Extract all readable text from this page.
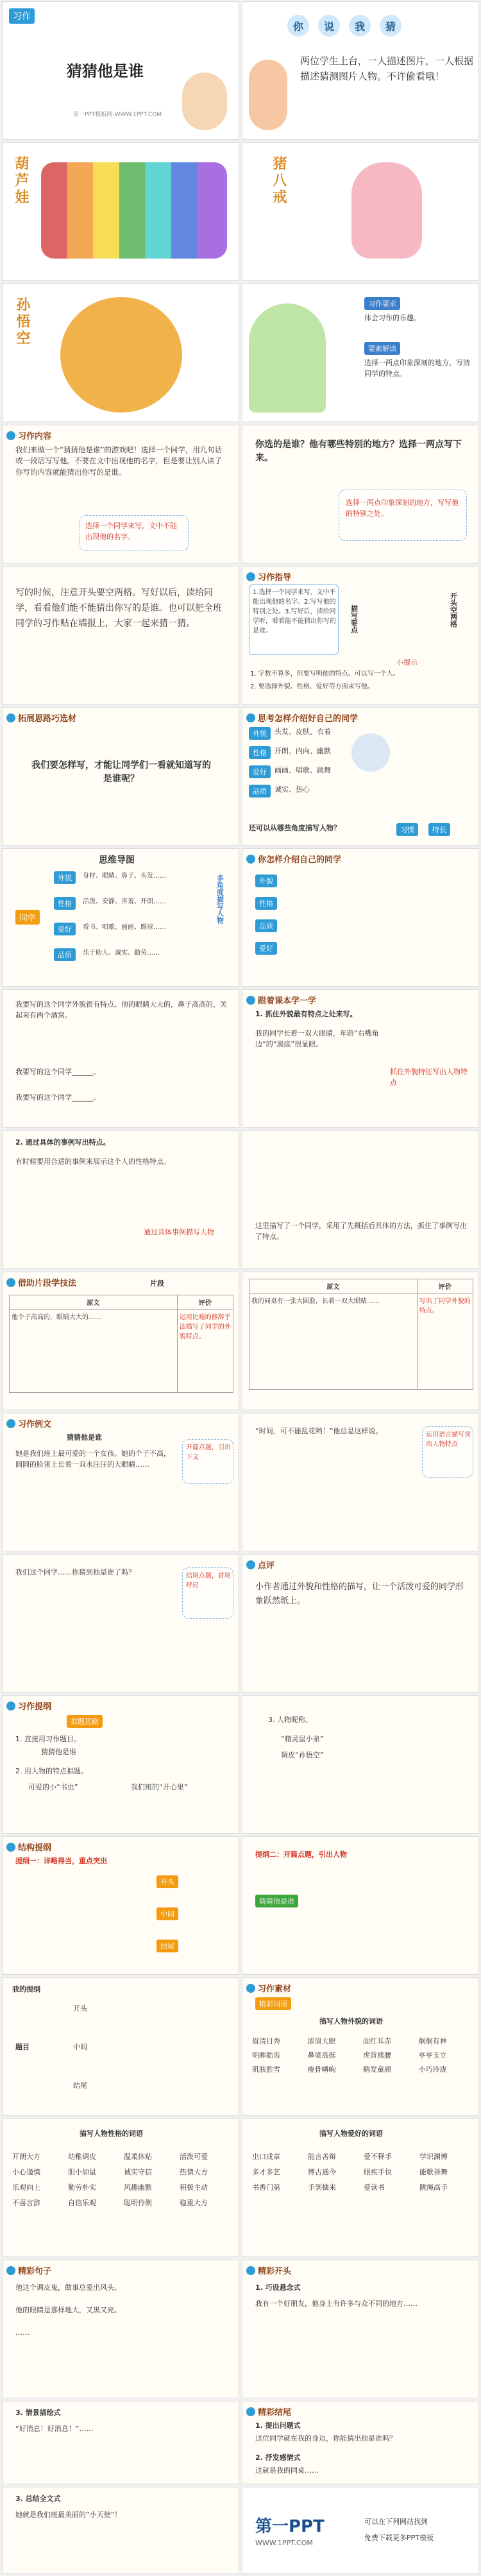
习作
猜猜他是谁
第一PPT模板网-WWW.1PPT.COM
你	说	我	猜
两位学生上台，一人描述图片，一人根据描述猜测图片人物。不许偷看哦！
葫芦娃	猪八戒
孙悟空	习作要求
体会习作的乐趣。
要素解读
选择一两点印象深刻的地方，写清同学的特点。
习作内容
我们来做一个“猜猜他是谁”的游戏吧！选择一个同学，用几句话或一段话写写他。不要在文中出现他的名字，但是要让别人读了你写的内容就能猜出你写的是谁。
选择一个同学来写，文中不能出现他的名字。
你选的是谁？他有哪些特别的地方？选择一两点写下来。
选择一两点印象深刻的地方，写写他的特别之处。
写的时候，注意开头要空两格。写好以后，读给同学，看看他们能不能猜出你写的是谁。也可以把全班同学的习作贴在墙报上，大家一起来猜一猜。
习作指导
1.选择一个同学来写。文中不能出现他的名字。2.写写他的特别之处。3.写好后，读给同学听，看看能不能猜出你写的是谁。	描写要点	开头空两格
小提示
1. 字数不算多，但要写明他的特点。可以写一个人。
2. 要选择外貌、性格、爱好等方面来写他。
思考怎样介绍好自己的同学
外貌	头发、皮肤、衣着
性格	开朗、内向、幽默
爱好	画画、唱歌、跳舞
品质	诚实、热心
还可以从哪些角度描写人物？	习惯	特长
拓展思路巧选材
我们要怎样写，才能让同学们一看就知道写的是谁呢？
思维导图
同学
外貌	身材、眼睛、鼻子、头发……
性格	活泼、安静、害羞、开朗……
爱好	看书、唱歌、画画、踢球……
品质	乐于助人、诚实、勤劳……
多角度描写人物
你怎样介绍自己的同学
外貌
性格
品质
爱好
我要写的这个同学外貌很有特点。他的眼睛大大的，鼻子高高的，笑起来有两个酒窝。
我要写的这个同学______。
我要写的这个同学______。
跟着课本学一学
1. 抓住外貌最有特点之处来写。
我的同学长着一双大眼睛，年龄“右嘴角边”的“黑痣”很显眼。
抓住外貌特征写出人物特点
2. 通过具体的事例写出特点。
有时候要用合适的事例来展示这个人的性格特点。
通过具体事例描写人物
这里描写了一个同学，采用了先概括后具体的方法，抓住了事例写出了特点。
借助片段学技法	片段
原文	评价
他个子高高的，眼睛大大的……	运用比喻的修辞手法描写了同学的外貌特点。
原文	评价
我的同桌有一张大圆脸，长着一双大眼睛……	写出了同学外貌的特点。
习作例文
猜猜他是谁
她是我们班上最可爱的一个女孩。她的个子不高，圆圆的脸蛋上长着一双水汪汪的大眼睛……
开篇点题，引出下文
“时间，可不能乱花哟！”他总是这样说。	运用语言描写突出人物特点
我们这个同学……你猜到他是谁了吗？	结尾点题，首尾呼应
点评
小作者通过外貌和性格的描写，让一个活泼可爱的同学形象跃然纸上。
习作提纲
拟题思路
1. 直接用习作题目。
猜猜他是谁
2. 用人物的特点拟题。
可爱的小“书虫”	我们班的“开心果”
3. 人物昵称。
“精灵鼠小弟”
调皮“孙悟空”
结构提纲
提纲一：详略得当，重点突出
开头
中间
结尾
提纲二：开篇点题，引出人物
猜猜他是谁
我的提纲
题目
开头
中间
结尾
习作素材
精彩词语
描写人物外貌的词语
眉清目秀	浓眉大眼	面红耳赤	炯炯有神
明眸皓齿	鼻梁高挺	虎背熊腰	亭亭玉立
肌肤胜雪	瘦骨嶙峋	鹤发童颜	小巧玲珑
描写人物性格的词语
开朗大方	幼稚调皮	温柔体贴	活泼可爱
小心谨慎	胆小如鼠	诚实守信	热情大方
乐观向上	勤劳朴实	风趣幽默	积极主动
不喜言辞	自信乐观	聪明伶俐	稳重大方
描写人物爱好的词语
出口成章	能言善辩	爱不释手	学识渊博
多才多艺	博古通今	眼疾手快	能歌善舞
书香门第	手到擒来	爱读书	跳绳高手
精彩句子
他这个调皮鬼，做事总爱出风头。
他的眼睛是那样地大，又黑又亮。
……
精彩开头
1. 巧设悬念式
我有一个好朋友，他身上有许多与众不同的地方……
3. 情景描绘式
“好消息！好消息！”……
精彩结尾
1. 提出问题式
这位同学就在我的身边，你能猜出他是谁吗？
2. 抒发感情式
这就是我的同桌……
3. 总结全文式
她就是我们班最美丽的“小天使”！
第一PPT
WWW.1PPT.COM
可以在下列网站找到
免费下载更多PPT模板
